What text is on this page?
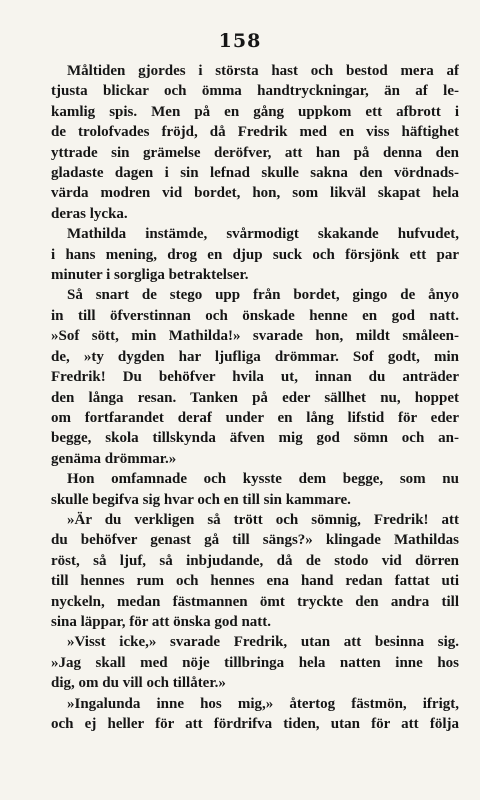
158
Måltiden gjordes i största hast och bestod mera af
tjusta blickar och ömma handtryckningar, än af le-
kamlig spis. Men på en gång uppkom ett afbrott i
de trolofvades fröjd, då Fredrik med en viss häftighet
yttrade sin grämelse deröfver, att han på denna den
gladaste dagen i sin lefnad skulle sakna den vördnads-
värda modren vid bordet, hon, som likväl skapat hela
deras lycka.
Mathilda instämde, svårmodigt skakande hufvudet,
i hans mening, drog en djup suck och försjönk ett par
minuter i sorgliga betraktelser.
Så snart de stego upp från bordet, gingo de ånyo
in till öfverstinnan och önskade henne en god natt.
»Sof sött, min Mathilda!» svarade hon, mildt småleen-
de, »ty dygden har ljufliga drömmar. Sof godt, min
Fredrik! Du behöfver hvila ut, innan du anträder
den långa resan. Tanken på eder sällhet nu, hoppet
om fortfarandet deraf under en lång lifstid för eder
begge, skola tillskynda äfven mig god sömn och an-
genäma drömmar.»
Hon omfamnade och kysste dem begge, som nu
skulle begifva sig hvar och en till sin kammare.
»Är du verkligen så trött och sömnig, Fredrik! att
du behöfver genast gå till sängs?» klingade Mathildas
röst, så ljuf, så inbjudande, då de stodo vid dörren
till hennes rum och hennes ena hand redan fattat uti
nyckeln, medan fästmannen ömt tryckte den andra till
sina läppar, för att önska god natt.
»Visst icke,» svarade Fredrik, utan att besinna sig.
»Jag skall med nöje tillbringa hela natten inne hos
dig, om du vill och tillåter.»
»Ingalunda inne hos mig,» återtog fästmön, ifrigt,
och ej heller för att fördrifva tiden, utan för att följa
